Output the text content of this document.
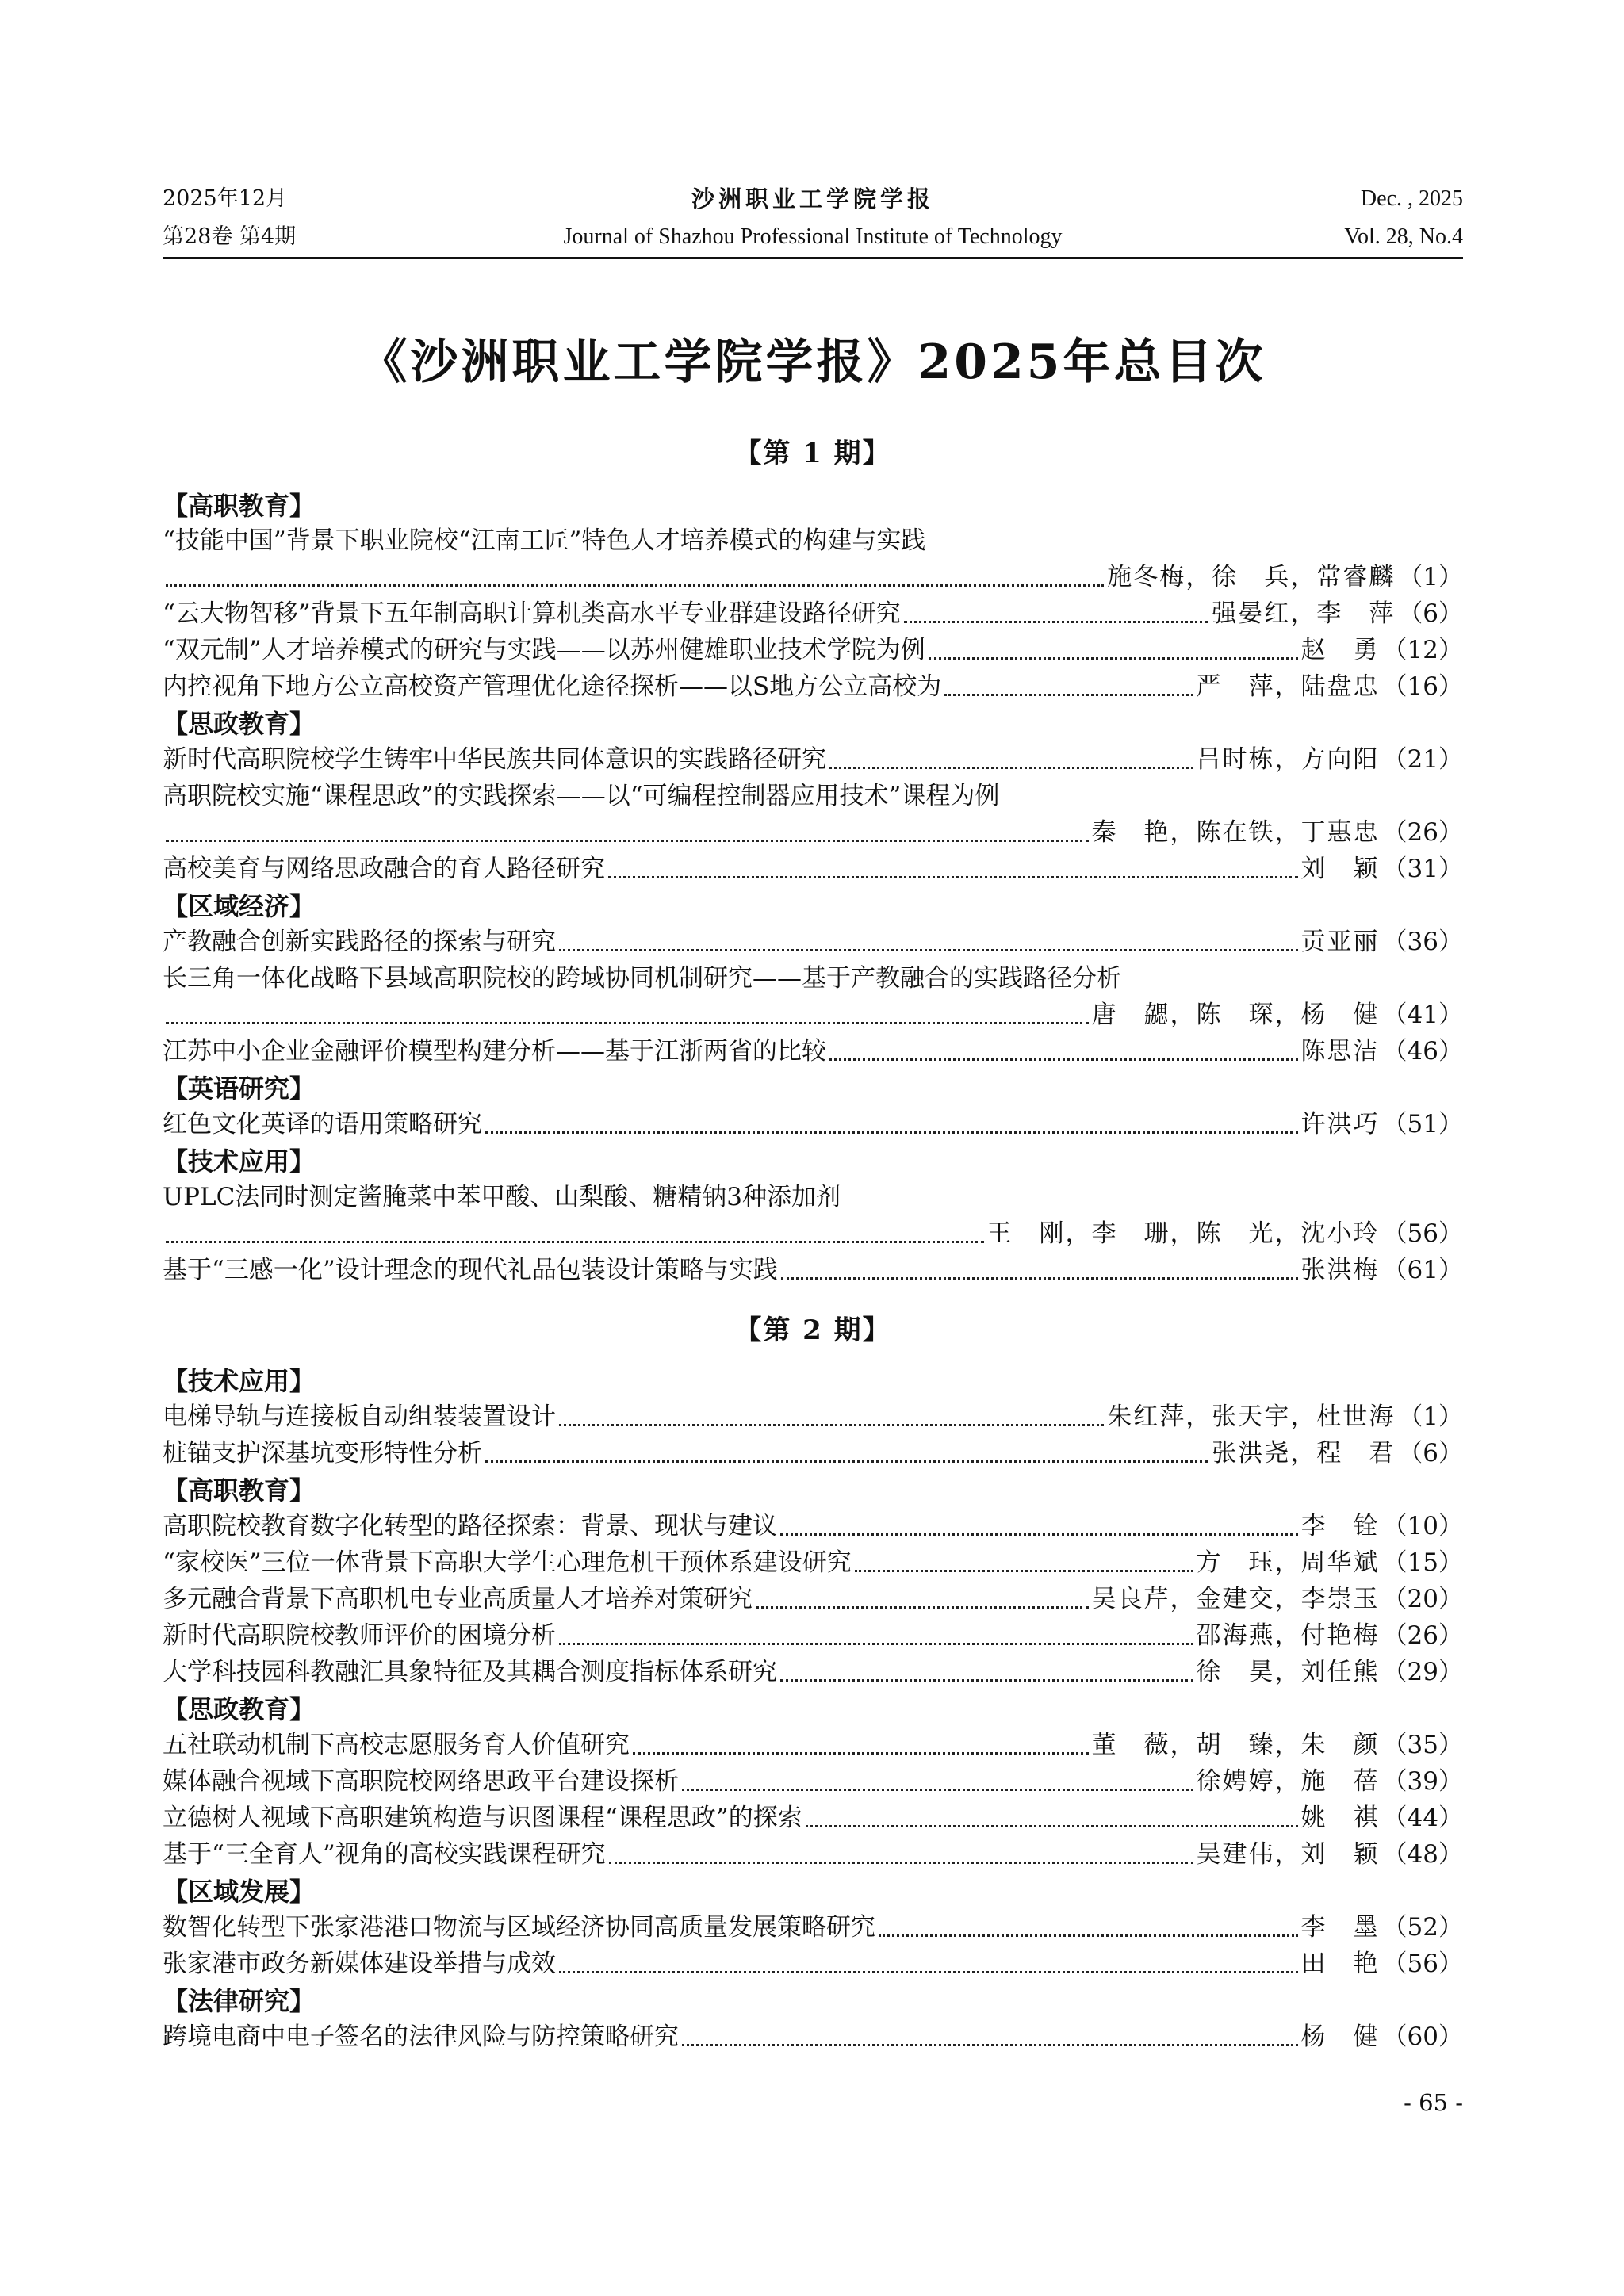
2025年12月	沙洲职业工学院学报	Dec. , 2025
第28卷 第4期	Journal of Shazhou Professional Institute of Technology	Vol. 28, No.4
《沙洲职业工学院学报》2025年总目次
【第 1 期】
【高职教育】
“技能中国”背景下职业院校“江南工匠”特色人才培养模式的构建与实践
施冬梅，徐　兵，常睿麟 （1）
“云大物智移”背景下五年制高职计算机类高水平专业群建设路径研究	强晏红，李　萍 （6）
“双元制”人才培养模式的研究与实践——以苏州健雄职业技术学院为例	赵　勇 （12）
内控视角下地方公立高校资产管理优化途径探析——以S地方公立高校为	严　萍，陆盘忠 （16）
【思政教育】
新时代高职院校学生铸牢中华民族共同体意识的实践路径研究	吕时栋，方向阳 （21）
高职院校实施“课程思政”的实践探索——以“可编程控制器应用技术”课程为例
秦　艳，陈在铁，丁惠忠 （26）
高校美育与网络思政融合的育人路径研究	刘　颖 （31）
【区域经济】
产教融合创新实践路径的探索与研究	贡亚丽 （36）
长三角一体化战略下县域高职院校的跨域协同机制研究——基于产教融合的实践路径分析
唐　勰，陈　琛，杨　健 （41）
江苏中小企业金融评价模型构建分析——基于江浙两省的比较	陈思洁 （46）
【英语研究】
红色文化英译的语用策略研究	许洪巧 （51）
【技术应用】
UPLC法同时测定酱腌菜中苯甲酸、山梨酸、糖精钠3种添加剂
王　刚，李　珊，陈　光，沈小玲 （56）
基于“三感一化”设计理念的现代礼品包装设计策略与实践	张洪梅 （61）
【第 2 期】
【技术应用】
电梯导轨与连接板自动组装装置设计	朱红萍，张天宇，杜世海 （1）
桩锚支护深基坑变形特性分析	张洪尧，程　君 （6）
【高职教育】
高职院校教育数字化转型的路径探索：背景、现状与建议	李　铨 （10）
“家校医”三位一体背景下高职大学生心理危机干预体系建设研究	方　珏，周华斌 （15）
多元融合背景下高职机电专业高质量人才培养对策研究	吴良芹，金建交，李崇玉 （20）
新时代高职院校教师评价的困境分析	邵海燕，付艳梅 （26）
大学科技园科教融汇具象特征及其耦合测度指标体系研究	徐　昊，刘任熊 （29）
【思政教育】
五社联动机制下高校志愿服务育人价值研究	董　薇，胡　臻，朱　颜 （35）
媒体融合视域下高职院校网络思政平台建设探析	徐娉婷，施　蓓 （39）
立德树人视域下高职建筑构造与识图课程“课程思政”的探索	姚　祺 （44）
基于“三全育人”视角的高校实践课程研究	吴建伟，刘　颖 （48）
【区域发展】
数智化转型下张家港港口物流与区域经济协同高质量发展策略研究	李　墨 （52）
张家港市政务新媒体建设举措与成效	田　艳 （56）
【法律研究】
跨境电商中电子签名的法律风险与防控策略研究	杨　健 （60）
- 65 -
